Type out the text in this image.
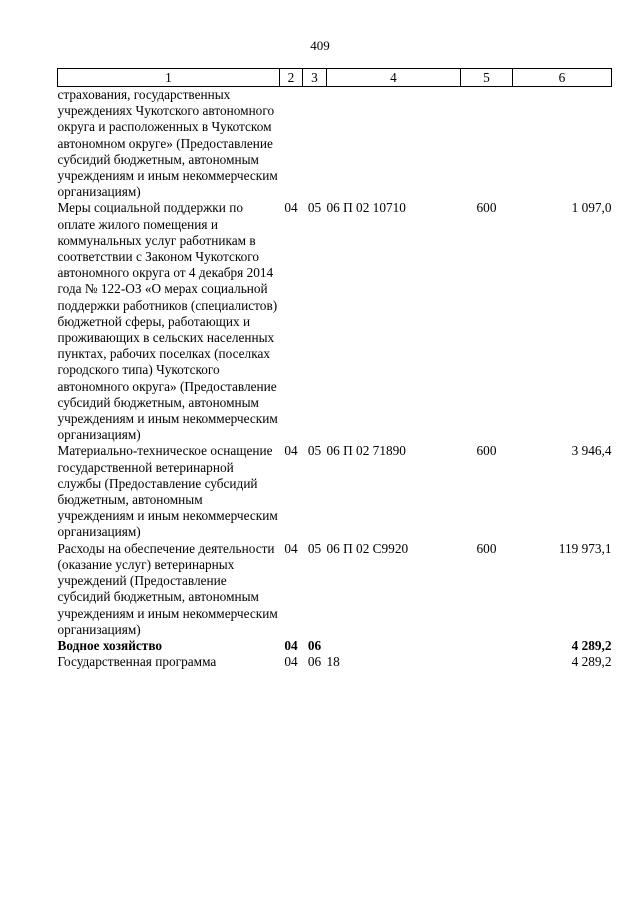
409
1	2	3	4	5	6
страхования, государственных учреждениях Чукотского автономного округа и расположенных в Чукотском автономном округе» (Предоставление субсидий бюджетным, автономным учреждениям и иным некоммерческим организациям)					
Меры социальной поддержки по оплате жилого помещения и коммунальных услуг работникам в соответствии с Законом Чукотского автономного округа от 4 декабря 2014 года № 122-ОЗ «О мерах социальной поддержки работников (специалистов) бюджетной сферы, работающих и проживающих в сельских населенных пунктах, рабочих поселках (поселках городского типа) Чукотского автономного округа» (Предоставление субсидий бюджетным, автономным учреждениям и иным некоммерческим организациям)	04	05	06 П 02 10710	600	1 097,0
Материально-техническое оснащение государственной ветеринарной службы (Предоставление субсидий бюджетным, автономным учреждениям и иным некоммерческим организациям)	04	05	06 П 02 71890	600	3 946,4
Расходы на обеспечение деятельности (оказание услуг) ветеринарных учреждений (Предоставление субсидий бюджетным, автономным учреждениям и иным некоммерческим организациям)	04	05	06 П 02 С9920	600	119 973,1
Водное хозяйство	04	06			4 289,2
Государственная программа	04	06	18		4 289,2
